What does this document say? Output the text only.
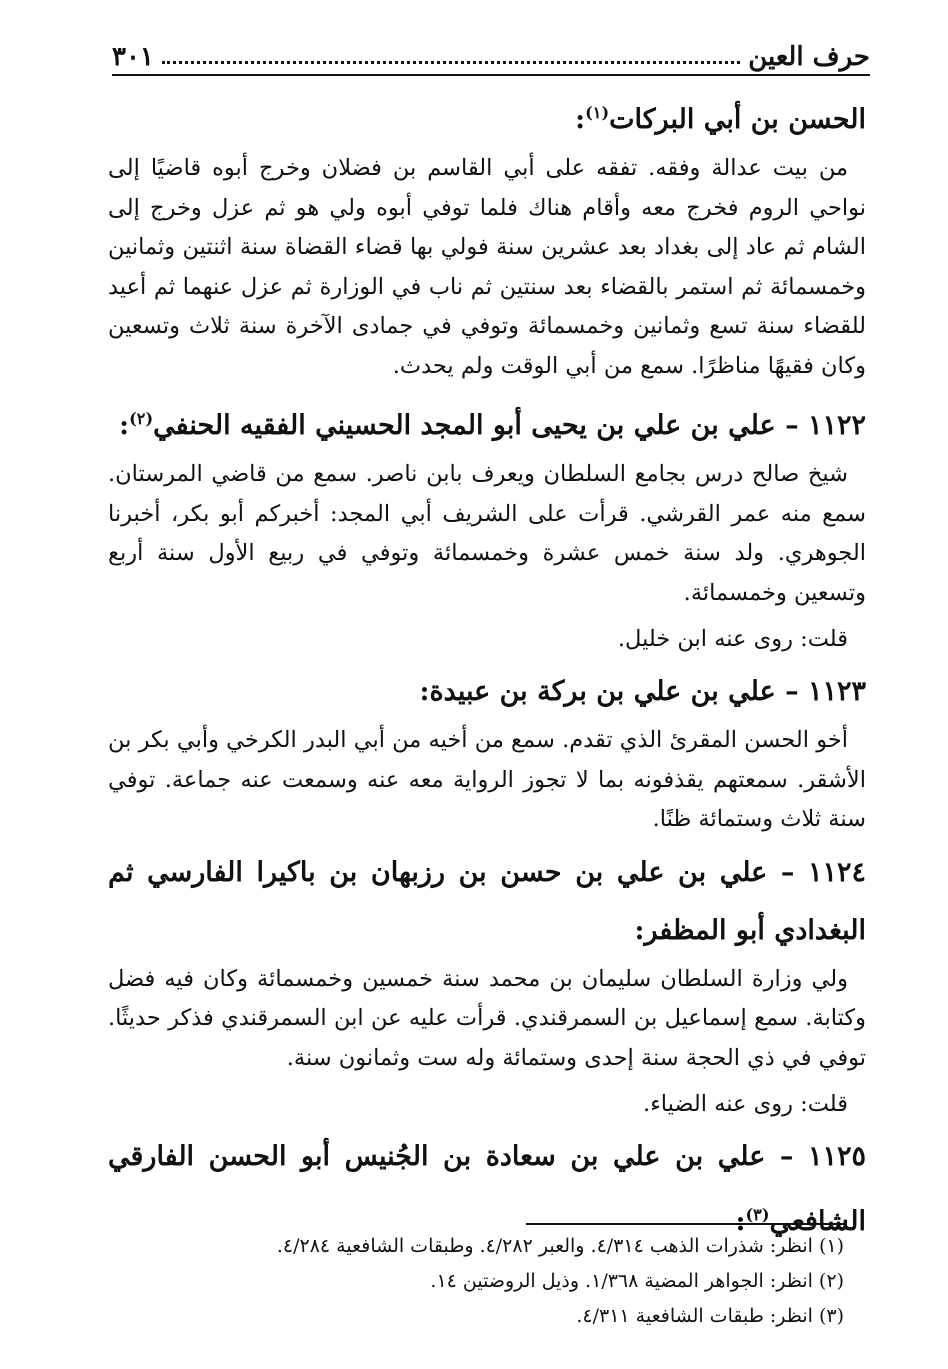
حرف العين
٣٠١

الحسن بن أبي البركات$^{(١)}$:

من بيت عدالة وفقه. تفقه على أبي القاسم بن فضلان وخرج أبوه قاضيًا إلى نواحي الروم فخرج معه وأقام هناك فلما توفي أبوه ولي هو ثم عزل وخرج إلى الشام ثم عاد إلى بغداد بعد عشرين سنة فولي بها قضاء القضاة سنة اثنتين وثمانين وخمسمائة ثم استمر بالقضاء بعد سنتين ثم ناب في الوزارة ثم عزل عنهما ثم أعيد للقضاء سنة تسع وثمانين وخمسمائة وتوفي في جمادى الآخرة سنة ثلاث وتسعين وكان فقيهًا مناظرًا. سمع من أبي الوقت ولم يحدث.

١١٢٢ – علي بن علي بن يحيى أبو المجد الحسيني الفقيه الحنفي$^{(٢)}$:

شيخ صالح درس بجامع السلطان ويعرف بابن ناصر. سمع من قاضي المرستان. سمع منه عمر القرشي. قرأت على الشريف أبي المجد: أخبركم أبو بكر، أخبرنا الجوهري. ولد سنة خمس عشرة وخمسمائة وتوفي في ربيع الأول سنة أربع وتسعين وخمسمائة.

قلت: روى عنه ابن خليل.

١١٢٣ – علي بن علي بن بركة بن عبيدة:

أخو الحسن المقرئ الذي تقدم. سمع من أخيه من أبي البدر الكرخي وأبي بكر بن الأشقر. سمعتهم يقذفونه بما لا تجوز الرواية معه عنه وسمعت عنه جماعة. توفي سنة ثلاث وستمائة ظنًا.

١١٢٤ – علي بن علي بن حسن بن رزبهان بن باكيرا الفارسي ثم البغدادي أبو المظفر:

ولي وزارة السلطان سليمان بن محمد سنة خمسين وخمسمائة وكان فيه فضل وكتابة. سمع إسماعيل بن السمرقندي. قرأت عليه عن ابن السمرقندي فذكر حديثًا. توفي في ذي الحجة سنة إحدى وستمائة وله ست وثمانون سنة.

قلت: روى عنه الضياء.

١١٢٥ – علي بن علي بن سعادة بن الجُنيس أبو الحسن الفارقي الشافعي$^{(٣)}$:

(١) انظر: شذرات الذهب ٤/٣١٤. والعبر ٤/٢٨٢. وطبقات الشافعية ٤/٢٨٤.
(٢) انظر: الجواهر المضية ١/٣٦٨. وذيل الروضتين ١٤.
(٣) انظر: طبقات الشافعية ٤/٣١١.
